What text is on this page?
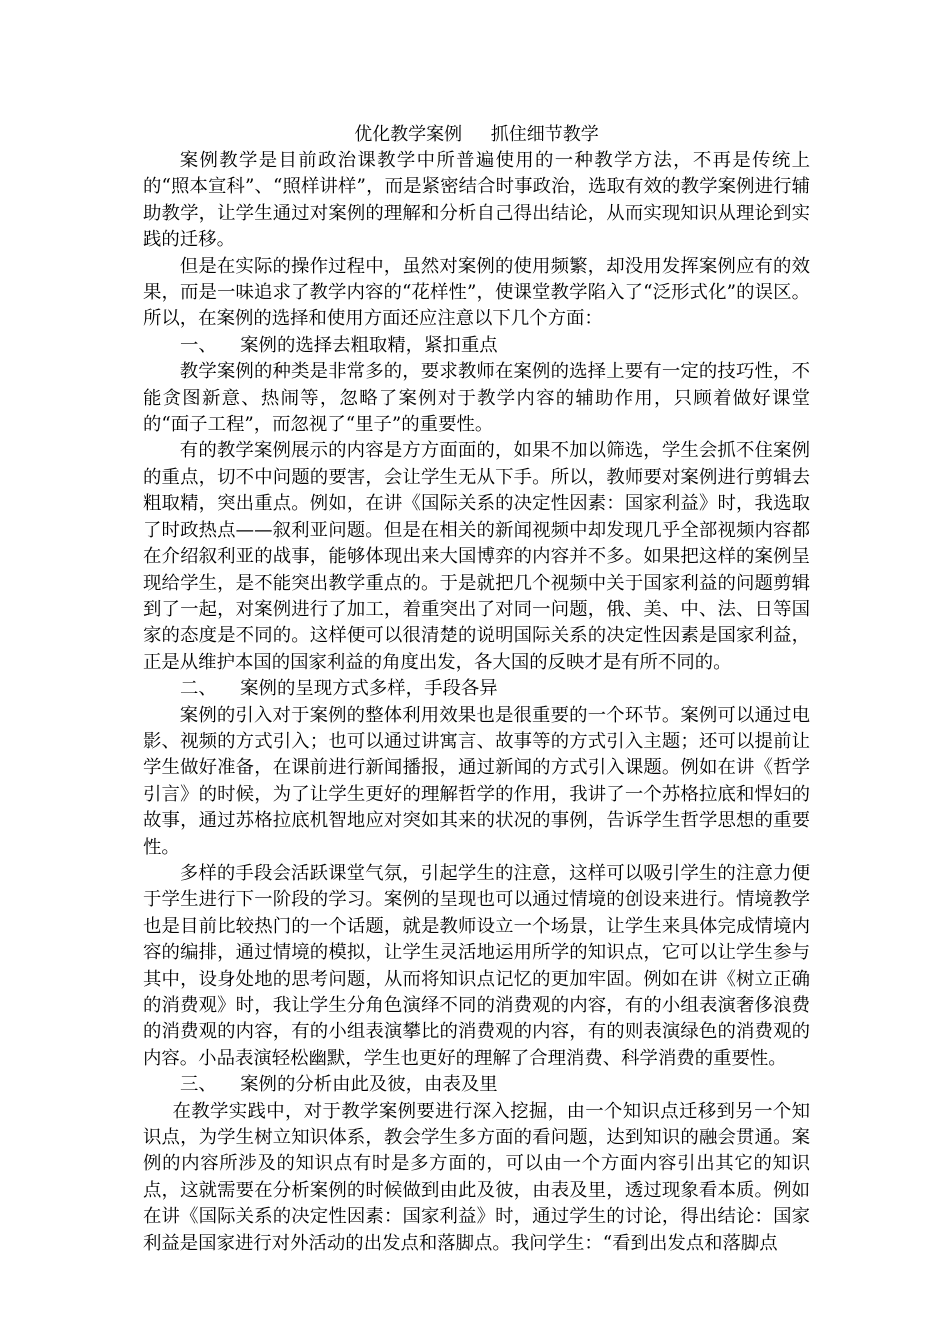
优化教学案例     抓住细节教学

案例教学是目前政治课教学中所普遍使用的一种教学方法，不再是传统上的“照本宣科”、“照样讲样”，而是紧密结合时事政治，选取有效的教学案例进行辅助教学，让学生通过对案例的理解和分析自己得出结论，从而实现知识从理论到实践的迁移。

但是在实际的操作过程中，虽然对案例的使用频繁，却没用发挥案例应有的效果，而是一味追求了教学内容的“花样性”，使课堂教学陷入了“泛形式化”的误区。所以，在案例的选择和使用方面还应注意以下几个方面：

一、    案例的选择去粗取精，紧扣重点

教学案例的种类是非常多的，要求教师在案例的选择上要有一定的技巧性，不能贪图新意、热闹等，忽略了案例对于教学内容的辅助作用，只顾着做好课堂的“面子工程”，而忽视了“里子”的重要性。

有的教学案例展示的内容是方方面面的，如果不加以筛选，学生会抓不住案例的重点，切不中问题的要害，会让学生无从下手。所以，教师要对案例进行剪辑去粗取精，突出重点。例如，在讲《国际关系的决定性因素：国家利益》时，我选取了时政热点——叙利亚问题。但是在相关的新闻视频中却发现几乎全部视频内容都在介绍叙利亚的战事，能够体现出来大国博弈的内容并不多。如果把这样的案例呈现给学生，是不能突出教学重点的。于是就把几个视频中关于国家利益的问题剪辑到了一起，对案例进行了加工，着重突出了对同一问题，俄、美、中、法、日等国家的态度是不同的。这样便可以很清楚的说明国际关系的决定性因素是国家利益，正是从维护本国的国家利益的角度出发，各大国的反映才是有所不同的。

二、    案例的呈现方式多样，手段各异

案例的引入对于案例的整体利用效果也是很重要的一个环节。案例可以通过电影、视频的方式引入；也可以通过讲寓言、故事等的方式引入主题；还可以提前让学生做好准备，在课前进行新闻播报，通过新闻的方式引入课题。例如在讲《哲学引言》的时候，为了让学生更好的理解哲学的作用，我讲了一个苏格拉底和悍妇的故事，通过苏格拉底机智地应对突如其来的状况的事例，告诉学生哲学思想的重要性。

多样的手段会活跃课堂气氛，引起学生的注意，这样可以吸引学生的注意力便于学生进行下一阶段的学习。案例的呈现也可以通过情境的创设来进行。情境教学也是目前比较热门的一个话题，就是教师设立一个场景，让学生来具体完成情境内容的编排，通过情境的模拟，让学生灵活地运用所学的知识点，它可以让学生参与其中，设身处地的思考问题，从而将知识点记忆的更加牢固。例如在讲《树立正确的消费观》时，我让学生分角色演绎不同的消费观的内容，有的小组表演奢侈浪费的消费观的内容，有的小组表演攀比的消费观的内容，有的则表演绿色的消费观的内容。小品表演轻松幽默，学生也更好的理解了合理消费、科学消费的重要性。

三、    案例的分析由此及彼，由表及里

在教学实践中，对于教学案例要进行深入挖掘，由一个知识点迁移到另一个知识点，为学生树立知识体系，教会学生多方面的看问题，达到知识的融会贯通。案例的内容所涉及的知识点有时是多方面的，可以由一个方面内容引出其它的知识点，这就需要在分析案例的时候做到由此及彼，由表及里，透过现象看本质。例如在讲《国际关系的决定性因素：国家利益》时，通过学生的讨论，得出结论：国家利益是国家进行对外活动的出发点和落脚点。我问学生：“看到出发点和落脚点
